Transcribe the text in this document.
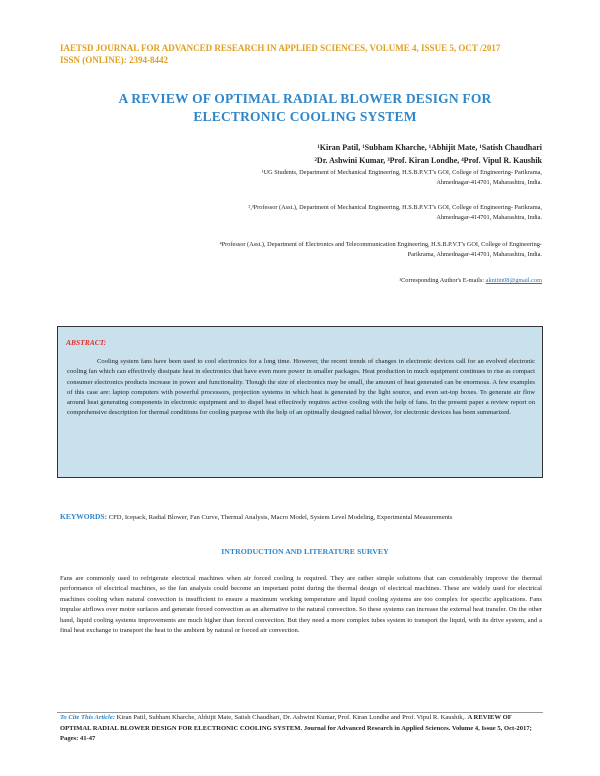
IAETSD JOURNAL FOR ADVANCED RESEARCH IN APPLIED SCIENCES, VOLUME 4, ISSUE 5, OCT /2017
ISSN (ONLINE): 2394-8442
A REVIEW OF OPTIMAL RADIAL BLOWER DESIGN FOR
ELECTRONIC COOLING SYSTEM
¹Kiran Patil, ¹Subham Kharche, ¹Abhijit Mate, ¹Satish Chaudhari
²Dr. Ashwini Kumar, ³Prof. Kiran Londhe, ⁴Prof. Vipul R. Kaushik
¹UG Students, Department of Mechanical Engineering, H.S.B.P.V.T's GOI, College of Engineering- Parikrama,
Ahmednagar-414701, Maharashtra, India.
²,³Professor (Asst.), Department of Mechanical Engineering, H.S.B.P.V.T's GOI, College of Engineering- Parikrama,
Ahmednagar-414701, Maharashtra, India.
⁴Professor (Asst.), Department of Electronics and Telecommunication Engineering, H.S.B.P.V.T's GOI, College of Engineering-
Parikrama, Ahmednagar-414701, Maharashtra, India.
¹Corresponding Author's E-mails: aknitin08@gmail.com
ABSTRACT:
Cooling system fans have been used to cool electronics for a long time. However, the recent trends of changes in electronic devices call for an evolved electronic cooling fan which can effectively dissipate heat in electronics that have even more power in smaller packages. Heat production in much equipment continues to rise as compact consumer electronics products increase in power and functionality. Though the size of electronics may be small, the amount of heat generated can be enormous. A few examples of this case are: laptop computers with powerful processors, projection systems in which heat is generated by the light source, and even set-top boxes. To generate air flow around heat generating components in electronic equipment and to dispel heat effectively requires active cooling with the help of fans. In the present paper a review report on comprehensive description for thermal conditions for cooling purpose with the help of an optimally designed radial blower, for electronic devices has been summarized.
KEYWORDS: CFD, Icepack, Radial Blower, Fan Curve, Thermal Analysis, Macro Model, System Level Modeling, Experimental Measurements
INTRODUCTION AND LITERATURE SURVEY
Fans are commonly used to refrigerate electrical machines when air forced cooling is required. They are rather simple solutions that can considerably improve the thermal performance of electrical machines, so the fan analysis could become an important point during the thermal design of electrical machines. These are widely used for electrical machines cooling when natural convection is insufficient to ensure a maximum working temperature and liquid cooling systems are too complex for specific applications. Fans impulse airflows over motor surfaces and generate forced convection as an alternative to the natural convection. So these systems can increase the external heat transfer. On the other hand, liquid cooling systems improvements are much higher than forced convection. But they need a more complex tubes system to transport the liquid, with its drive system, and a final heat exchange to transport the heat to the ambient by natural or forced air convection.
To Cite This Article: Kiran Patil, Subham Kharche, Abhijit Mate, Satish Chaudhari, Dr. Ashwini Kumar, Prof. Kiran Londhe and Prof. Vipul R. Kaushik,. A REVIEW OF OPTIMAL RADIAL BLOWER DESIGN FOR ELECTRONIC COOLING SYSTEM. Journal for Advanced Research in Applied Sciences. Volume 4, Issue 5, Oct-2017; Pages: 41-47
